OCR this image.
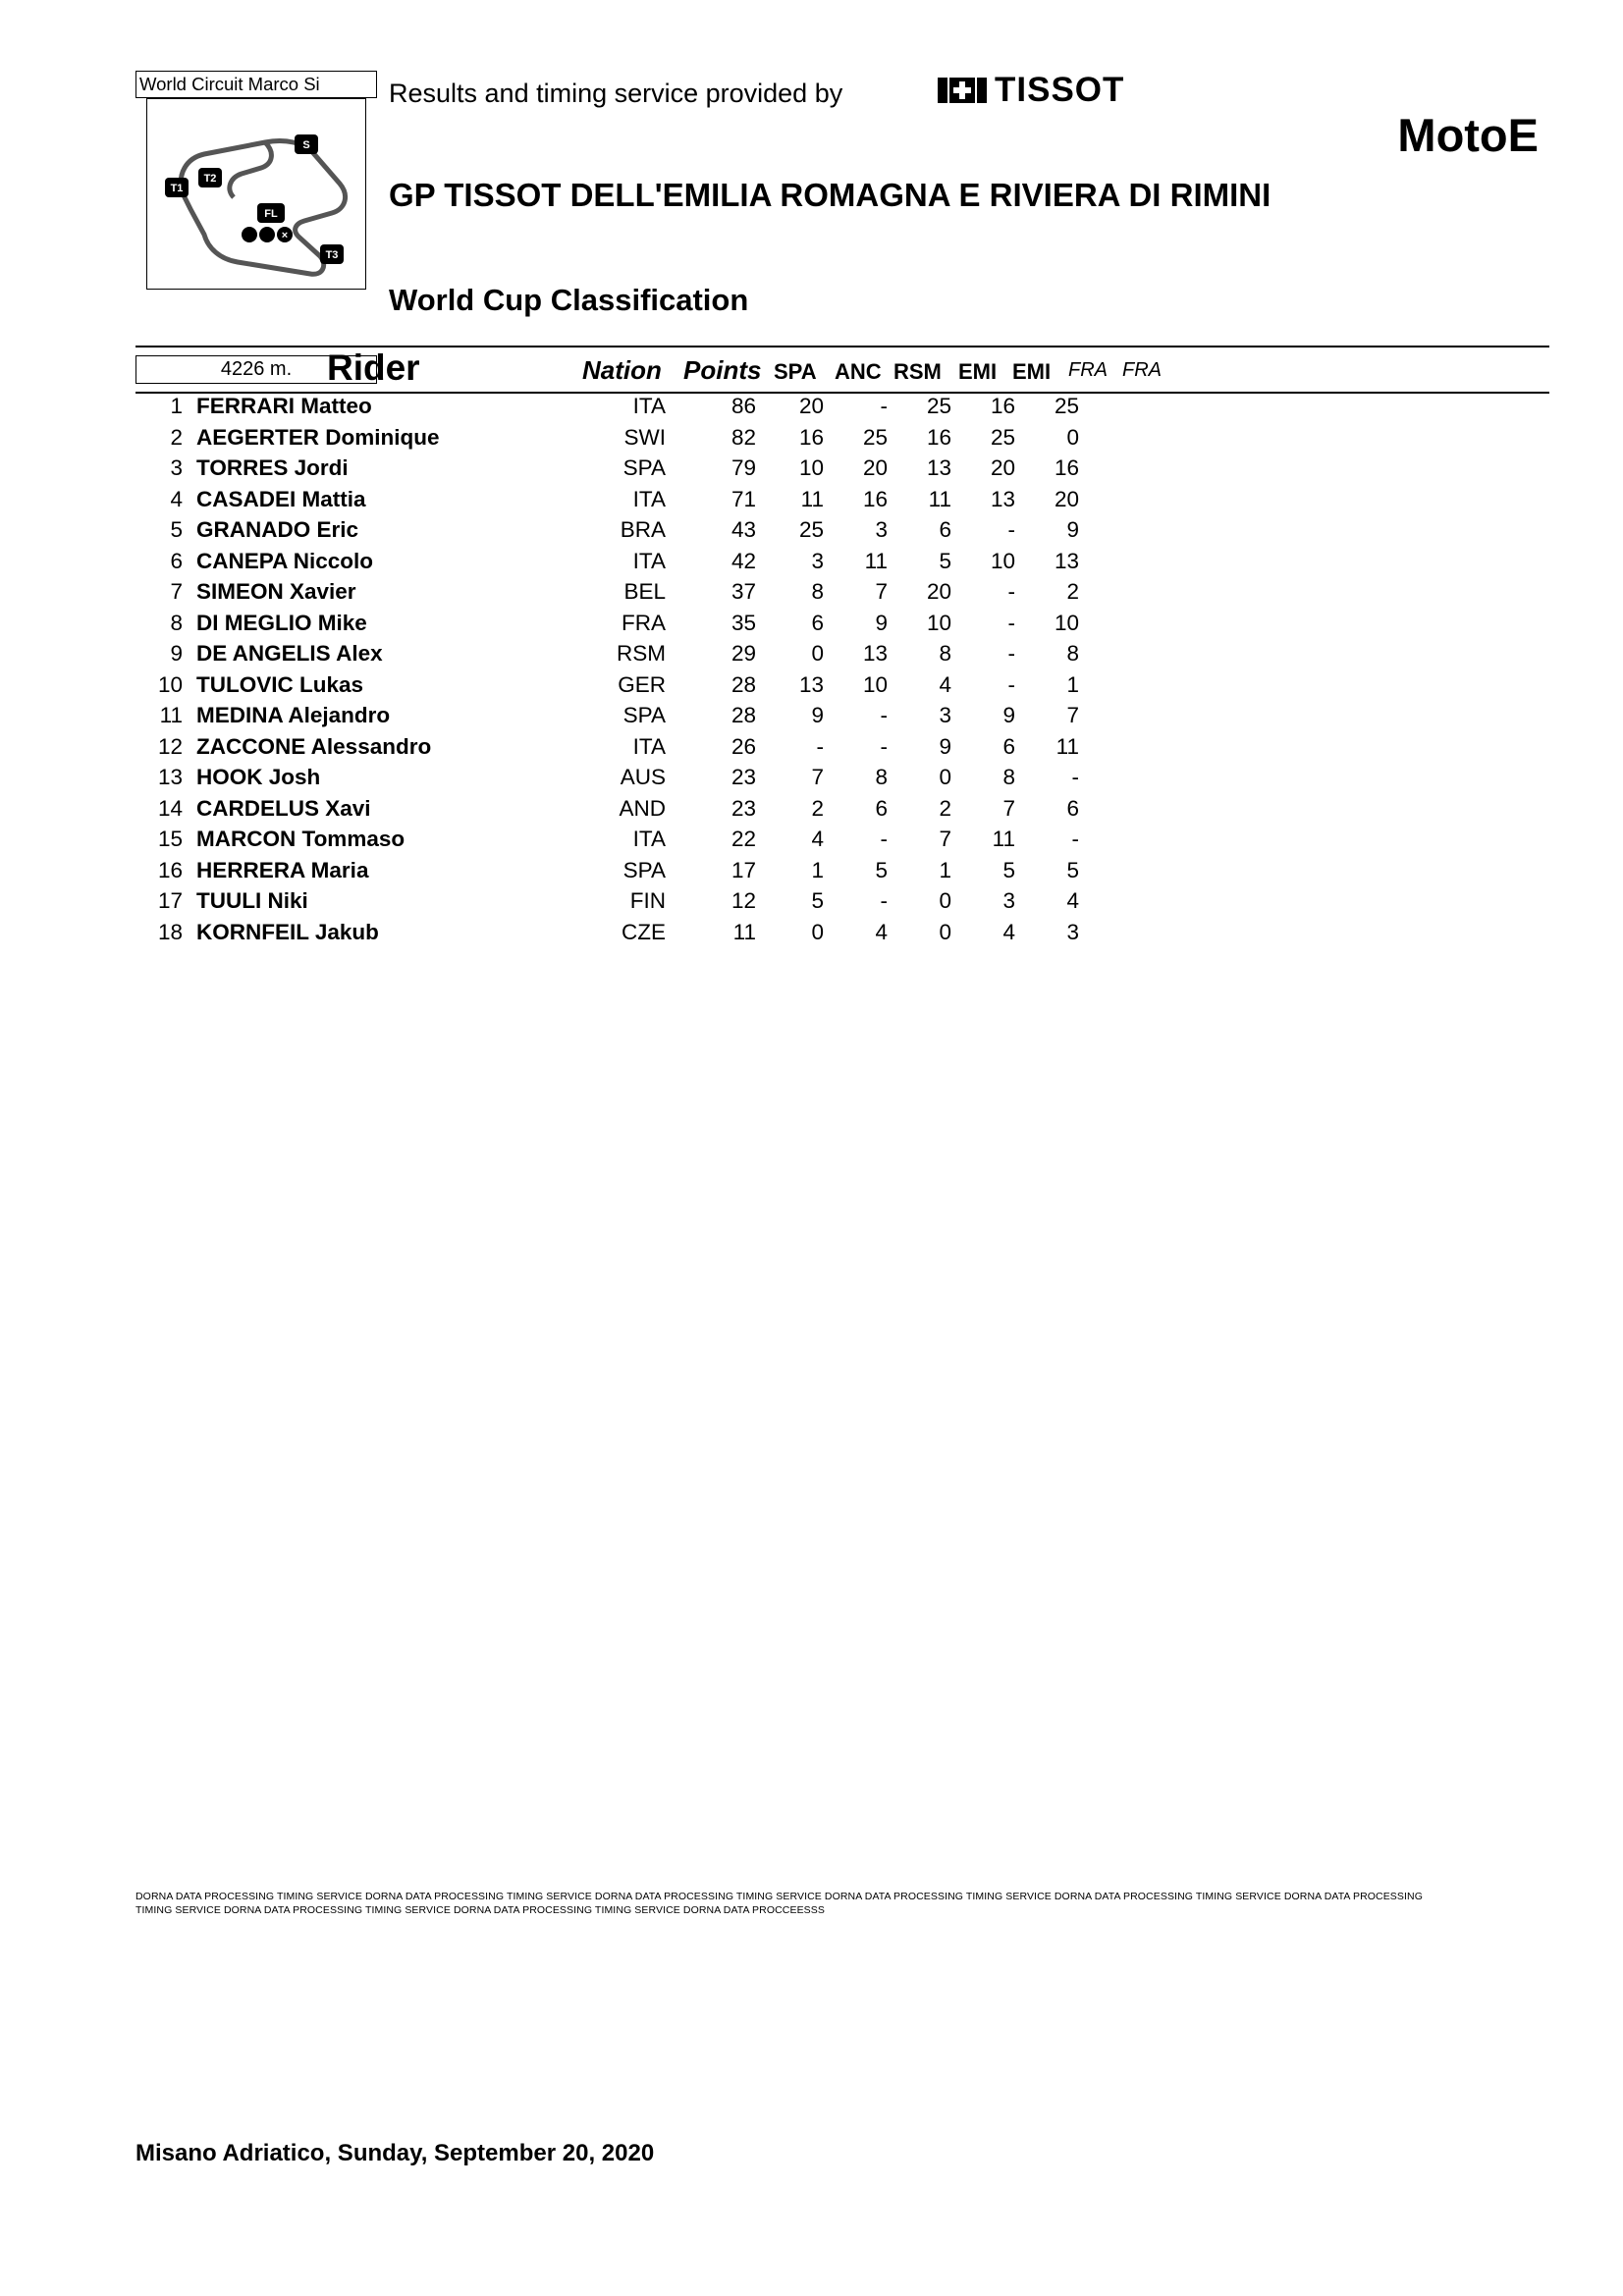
World Circuit Marco Si
S
T1
T2
FL
T3
×
4226 m.
Results and timing service provided by	TISSOT
MotoE
GP TISSOT DELL'EMILIA ROMAGNA E RIVIERA DI RIMINI
World Cup Classification
Rider	Nation Points SPA ANC RSM EMI EMI FRA FRA
1 FERRARI Matteo	ITA	86	20	-	25	16	25
2 AEGERTER Dominique	SWI	82	16	25	16	25	0
3 TORRES Jordi	SPA	79	10	20	13	20	16
4 CASADEI Mattia	ITA	71	11	16	11	13	20
5 GRANADO Eric	BRA	43	25	3	6	-	9
6 CANEPA Niccolo	ITA	42	3	11	5	10	13
7 SIMEON Xavier	BEL	37	8	7	20	-	2
8 DI MEGLIO Mike	FRA	35	6	9	10	-	10
9 DE ANGELIS Alex	RSM	29	0	13	8	-	8
10 TULOVIC Lukas	GER	28	13	10	4	-	1
11 MEDINA Alejandro	SPA	28	9	-	3	9	7
12 ZACCONE Alessandro	ITA	26	-	-	9	6	11
13 HOOK Josh	AUS	23	7	8	0	8	-
14 CARDELUS Xavi	AND	23	2	6	2	7	6
15 MARCON Tommaso	ITA	22	4	-	7	11	-
16 HERRERA Maria	SPA	17	1	5	1	5	5
17 TUULI Niki	FIN	12	5	-	0	3	4
18 KORNFEIL Jakub	CZE	11	0	4	0	4	3
DORNA DATA PROCESSING TIMING SERVICE DORNA DATA PROCESSING TIMING SERVICE DORNA DATA PROCESSING TIMING SERVICE DORNA DATA PROCESSING TIMING SERVICE DORNA DATA PROCESSING TIMING SERVICE DORNA DATA PROCESSING TIMING SERVICE DORNA DATA PROCESSING TIMING SERVICE DORNA DATA PROCESSING TIMING SERVICE DORNA DATA PROCCEESSS
Misano Adriatico, Sunday, September 20, 2020
